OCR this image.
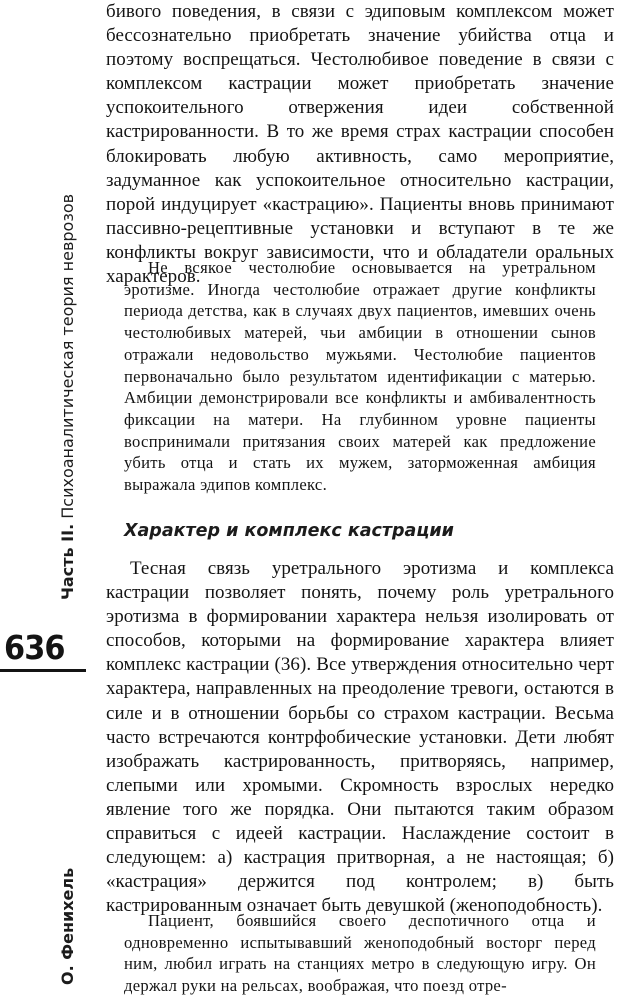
Часть II. Психоаналитическая теория неврозов
636
О. Фенихель

бивого поведения, в связи с эдиповым комплексом может бессознательно приобретать значение убийства отца и поэтому воспрещаться. Честолюбивое поведение в связи с комплексом кастрации может приобретать значение успокоительного отвержения идеи собственной кастрированности. В то же время страх кастрации способен блокировать любую активность, само мероприятие, задуманное как успокоительное относительно кастрации, порой индуцирует «кастрацию». Пациенты вновь принимают пассивно-рецептивные установки и вступают в те же конфликты вокруг зависимости, что и обладатели оральных характеров.

Не всякое честолюбие основывается на уретральном эротизме. Иногда честолюбие отражает другие конфликты периода детства, как в случаях двух пациентов, имевших очень честолюбивых матерей, чьи амбиции в отношении сынов отражали недовольство мужьями. Честолюбие пациентов первоначально было результатом идентификации с матерью. Амбиции демонстрировали все конфликты и амбивалентность фиксации на матери. На глубинном уровне пациенты воспринимали притязания своих матерей как предложение убить отца и стать их мужем, заторможенная амбиция выражала эдипов комплекс.

Характер и комплекс кастрации

Тесная связь уретрального эротизма и комплекса кастрации позволяет понять, почему роль уретрального эротизма в формировании характера нельзя изолировать от способов, которыми на формирование характера влияет комплекс кастрации (36). Все утверждения относительно черт характера, направленных на преодоление тревоги, остаются в силе и в отношении борьбы со страхом кастрации. Весьма часто встречаются контрфобические установки. Дети любят изображать кастрированность, притворяясь, например, слепыми или хромыми. Скромность взрослых нередко явление того же порядка. Они пытаются таким образом справиться с идеей кастрации. Наслаждение состоит в следующем: а) кастрация притворная, а не настоящая; б) «кастрация» держится под контролем; в) быть кастрированным означает быть девушкой (женоподобность).

Пациент, боявшийся своего деспотичного отца и одновременно испытывавший женоподобный восторг перед ним, любил играть на станциях метро в следующую игру. Он держал руки на рельсах, воображая, что поезд отре-
